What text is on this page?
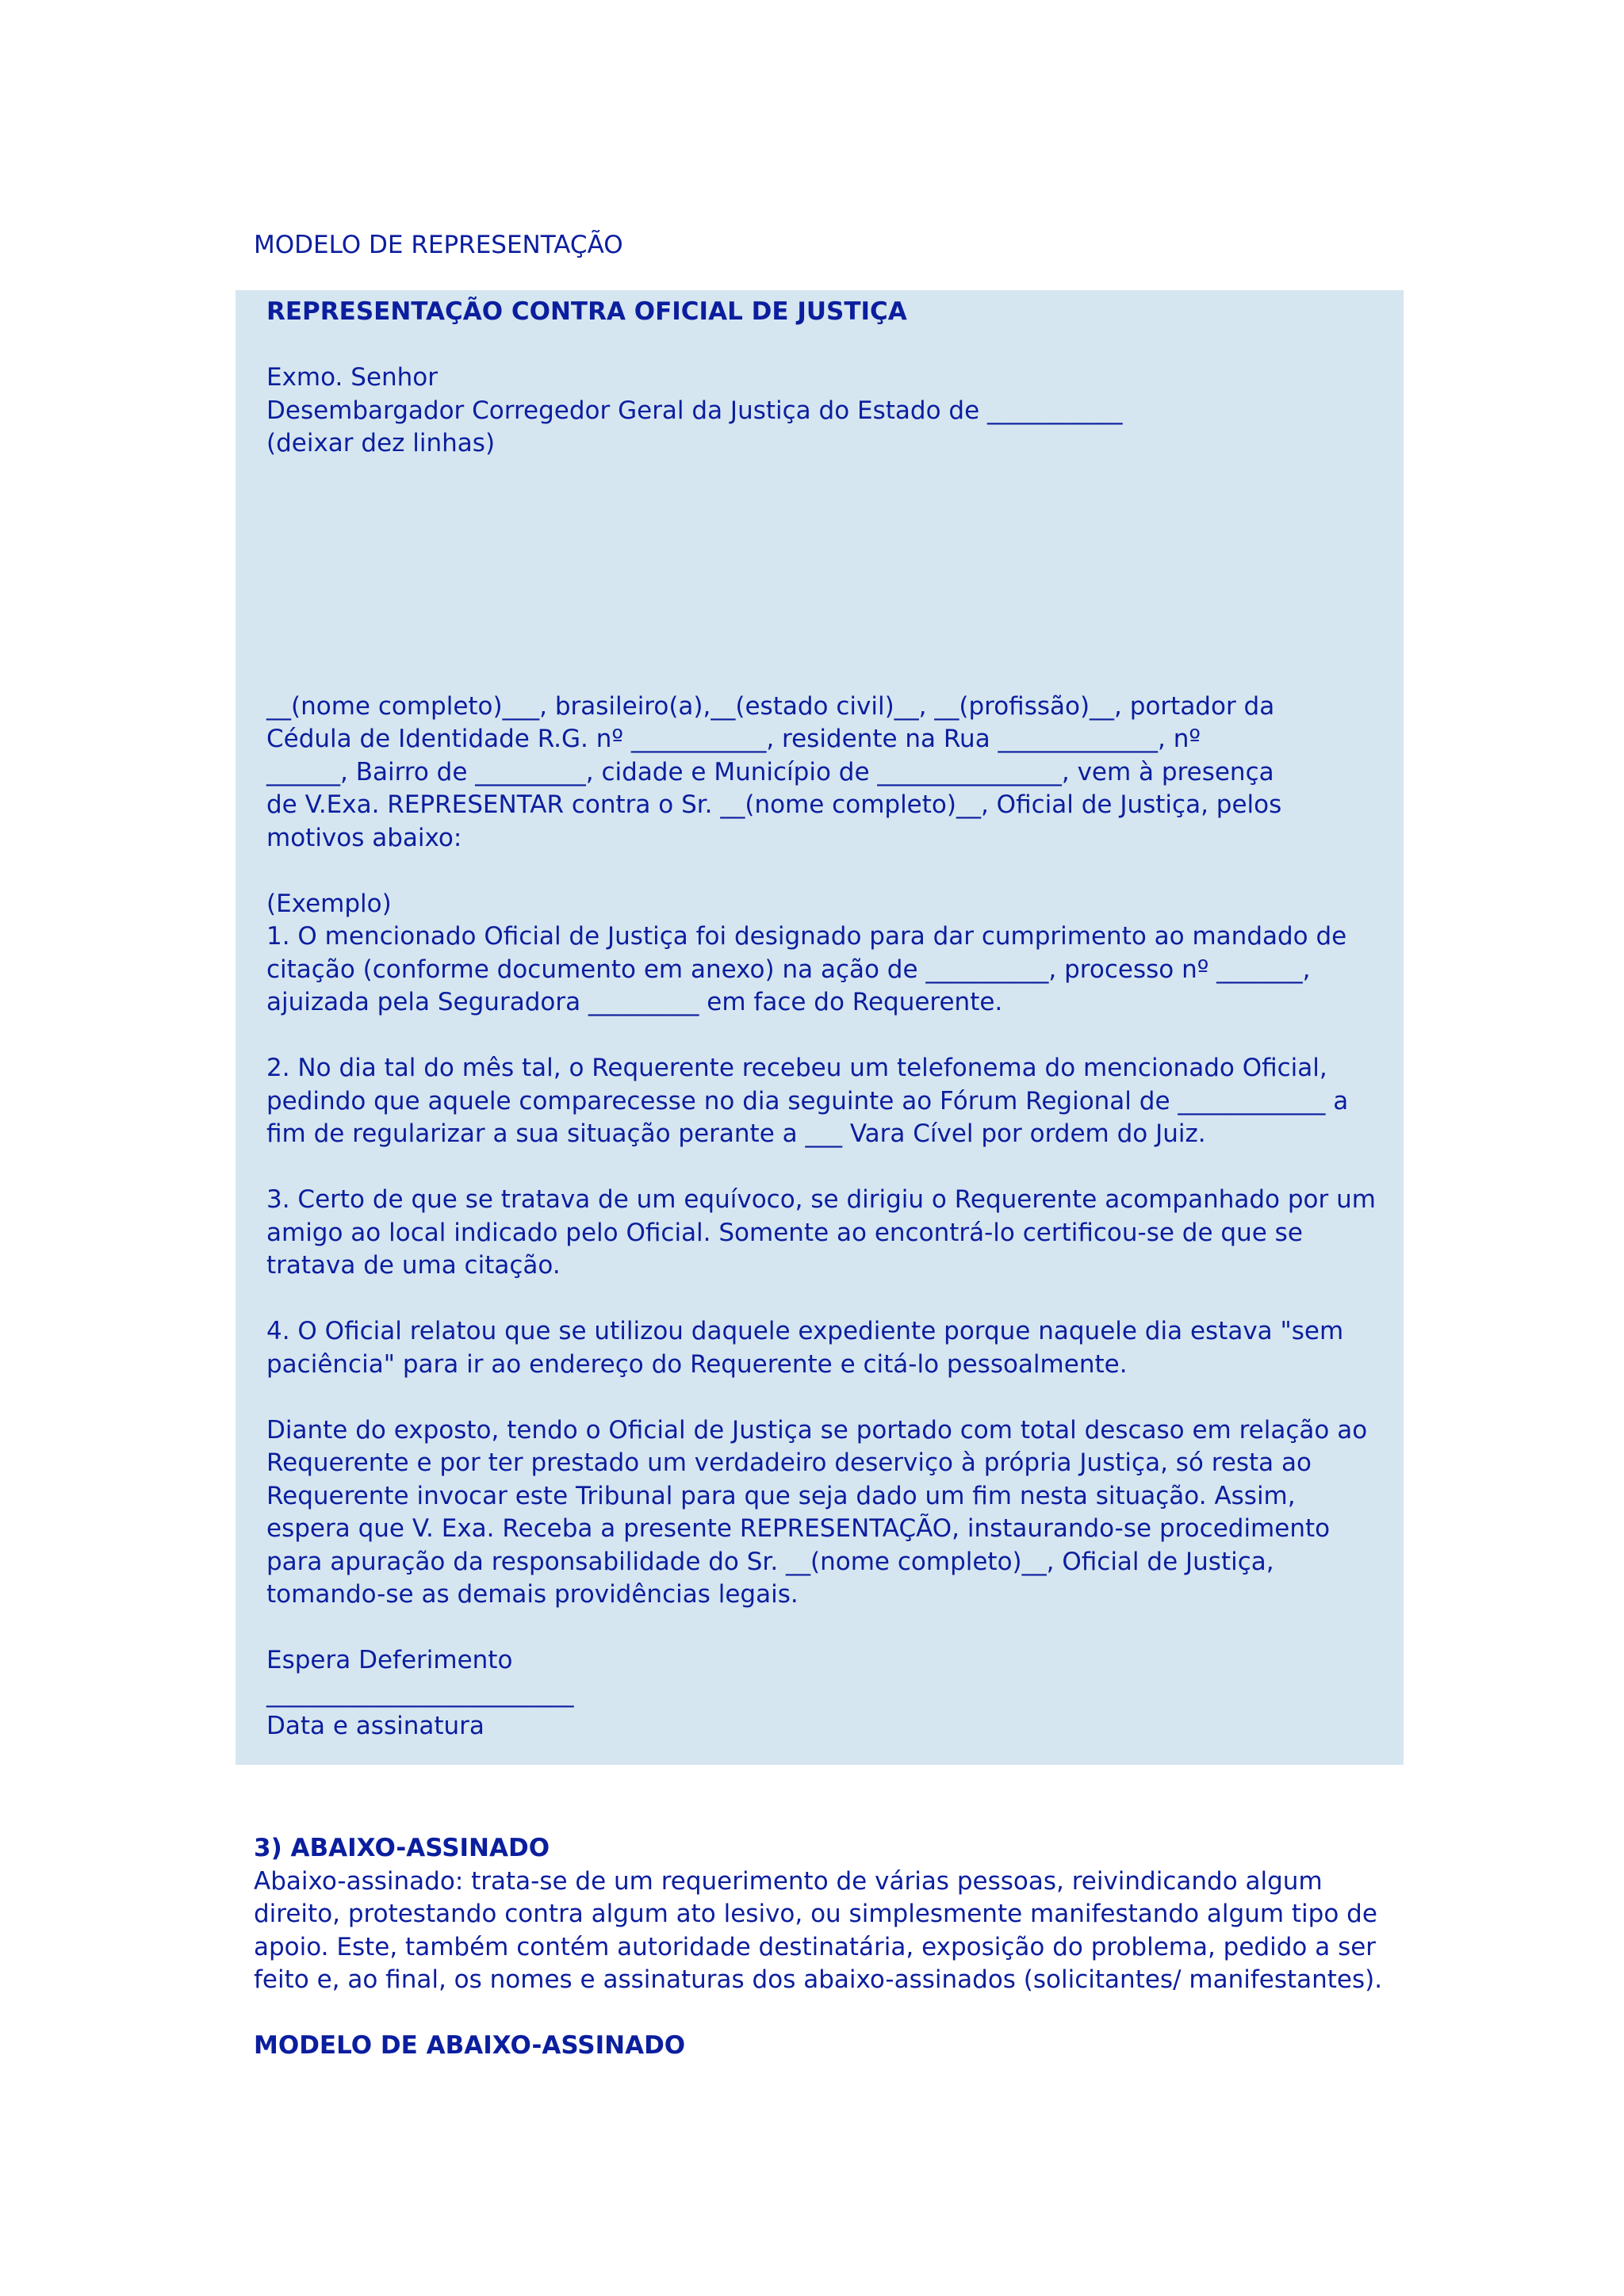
MODELO DE REPRESENTAÇÃO

REPRESENTAÇÃO CONTRA OFICIAL DE JUSTIÇA

Exmo. Senhor

Desembargador Corregedor Geral da Justiça do Estado de ___________

(deixar dez linhas)

__(nome completo)___, brasileiro(a),__(estado civil)__, __(profissão)__, portador da

Cédula de Identidade R.G. nº ___________, residente na Rua _____________, nº

______, Bairro de _________, cidade e Município de _______________, vem à presença

de V.Exa. REPRESENTAR contra o Sr. __(nome completo)__, Oficial de Justiça, pelos

motivos abaixo:

(Exemplo)

1. O mencionado Oficial de Justiça foi designado para dar cumprimento ao mandado de

citação (conforme documento em anexo) na ação de __________, processo nº _______,

ajuizada pela Seguradora _________ em face do Requerente.

2. No dia tal do mês tal, o Requerente recebeu um telefonema do mencionado Oficial,

pedindo que aquele comparecesse no dia seguinte ao Fórum Regional de ____________ a

fim de regularizar a sua situação perante a ___ Vara Cível por ordem do Juiz.

3. Certo de que se tratava de um equívoco, se dirigiu o Requerente acompanhado por um

amigo ao local indicado pelo Oficial. Somente ao encontrá-lo certificou-se de que se

tratava de uma citação.

4. O Oficial relatou que se utilizou daquele expediente porque naquele dia estava "sem

paciência" para ir ao endereço do Requerente e citá-lo pessoalmente.

Diante do exposto, tendo o Oficial de Justiça se portado com total descaso em relação ao

Requerente e por ter prestado um verdadeiro deserviço à própria Justiça, só resta ao

Requerente invocar este Tribunal para que seja dado um fim nesta situação. Assim,

espera que V. Exa. Receba a presente REPRESENTAÇÃO, instaurando-se procedimento

para apuração da responsabilidade do Sr. __(nome completo)__, Oficial de Justiça,

tomando-se as demais providências legais.

Espera Deferimento

_________________________

Data e assinatura

3) ABAIXO-ASSINADO

Abaixo-assinado: trata-se de um requerimento de várias pessoas, reivindicando algum

direito, protestando contra algum ato lesivo, ou simplesmente manifestando algum tipo de

apoio. Este, também contém autoridade destinatária, exposição do problema, pedido a ser

feito e, ao final, os nomes e assinaturas dos abaixo-assinados (solicitantes/ manifestantes).

MODELO DE ABAIXO-ASSINADO
